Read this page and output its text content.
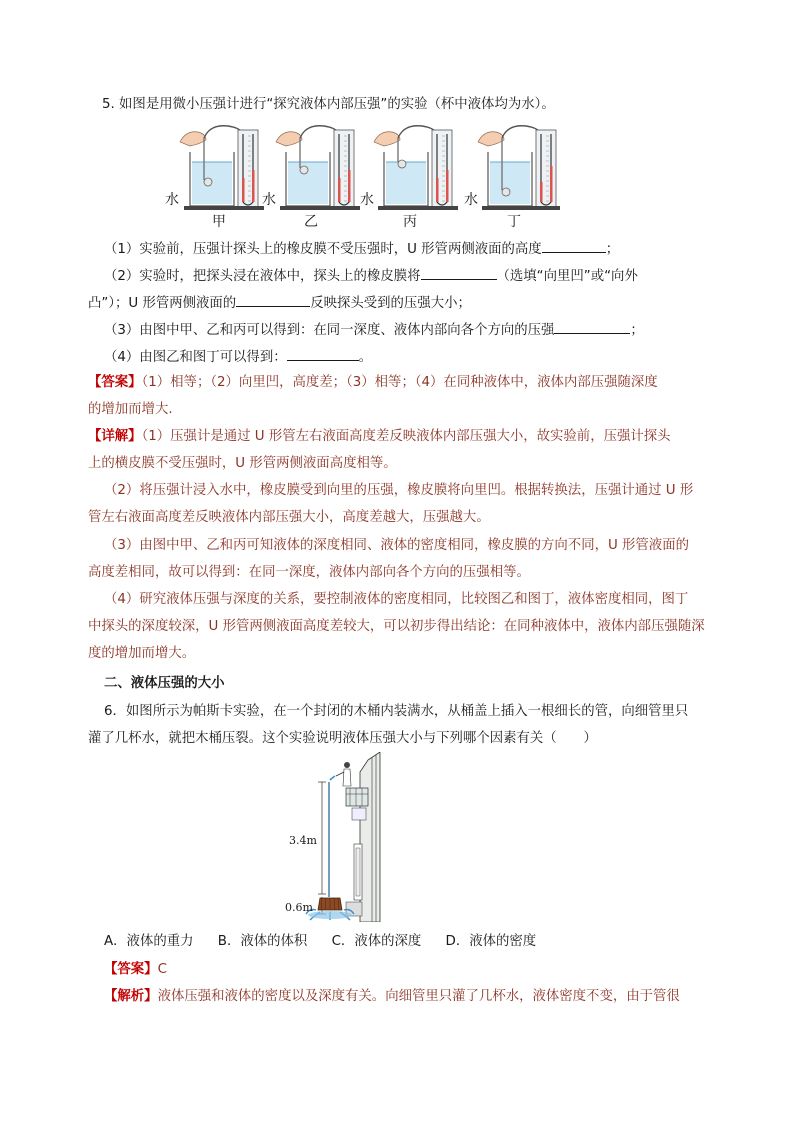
5. 如图是用微小压强计进行“探究液体内部压强”的实验（杯中液体均为水）。
水	水	水	水
甲	乙	丙	丁
（1）实验前，压强计探头上的橡皮膜不受压强时，U 形管两侧液面的高度	；
（2）实验时，把探头浸在液体中，探头上的橡皮膜将	（选填“向里凹”或“向外
凸”）；U 形管两侧液面的	反映探头受到的压强大小；
（3）由图中甲、乙和丙可以得到：在同一深度、液体内部向各个方向的压强	；
（4）由图乙和图丁可以得到：	。
【答案】（1）相等；（2）向里凹，高度差；（3）相等；（4）在同种液体中，液体内部压强随深度
的增加而增大.
【详解】（1）压强计是通过 U 形管左右液面高度差反映液体内部压强大小，故实验前，压强计探头
上的横皮膜不受压强时，U 形管两侧液面高度相等。
（2）将压强计浸入水中，橡皮膜受到向里的压强，橡皮膜将向里凹。根据转换法，压强计通过 U 形
管左右液面高度差反映液体内部压强大小，高度差越大，压强越大。
（3）由图中甲、乙和丙可知液体的深度相同、液体的密度相同，橡皮膜的方向不同，U 形管液面的
高度差相同，故可以得到：在同一深度，液体内部向各个方向的压强相等。
（4）研究液体压强与深度的关系，要控制液体的密度相同，比较图乙和图丁，液体密度相同，图丁
中探头的深度较深，U 形管两侧液面高度差较大，可以初步得出结论：在同种液体中，液体内部压强随深
度的增加而增大。
二、液体压强的大小
6．如图所示为帕斯卡实验，在一个封闭的木桶内装满水，从桶盖上插入一根细长的管，向细管里只
灌了几杯水，就把木桶压裂。这个实验说明液体压强大小与下列哪个因素有关（　　）
3.4m
0.6m
A．液体的重力 B．液体的体积 C．液体的深度 D．液体的密度
【答案】C
【解析】液体压强和液体的密度以及深度有关。向细管里只灌了几杯水，液体密度不变，由于管很
